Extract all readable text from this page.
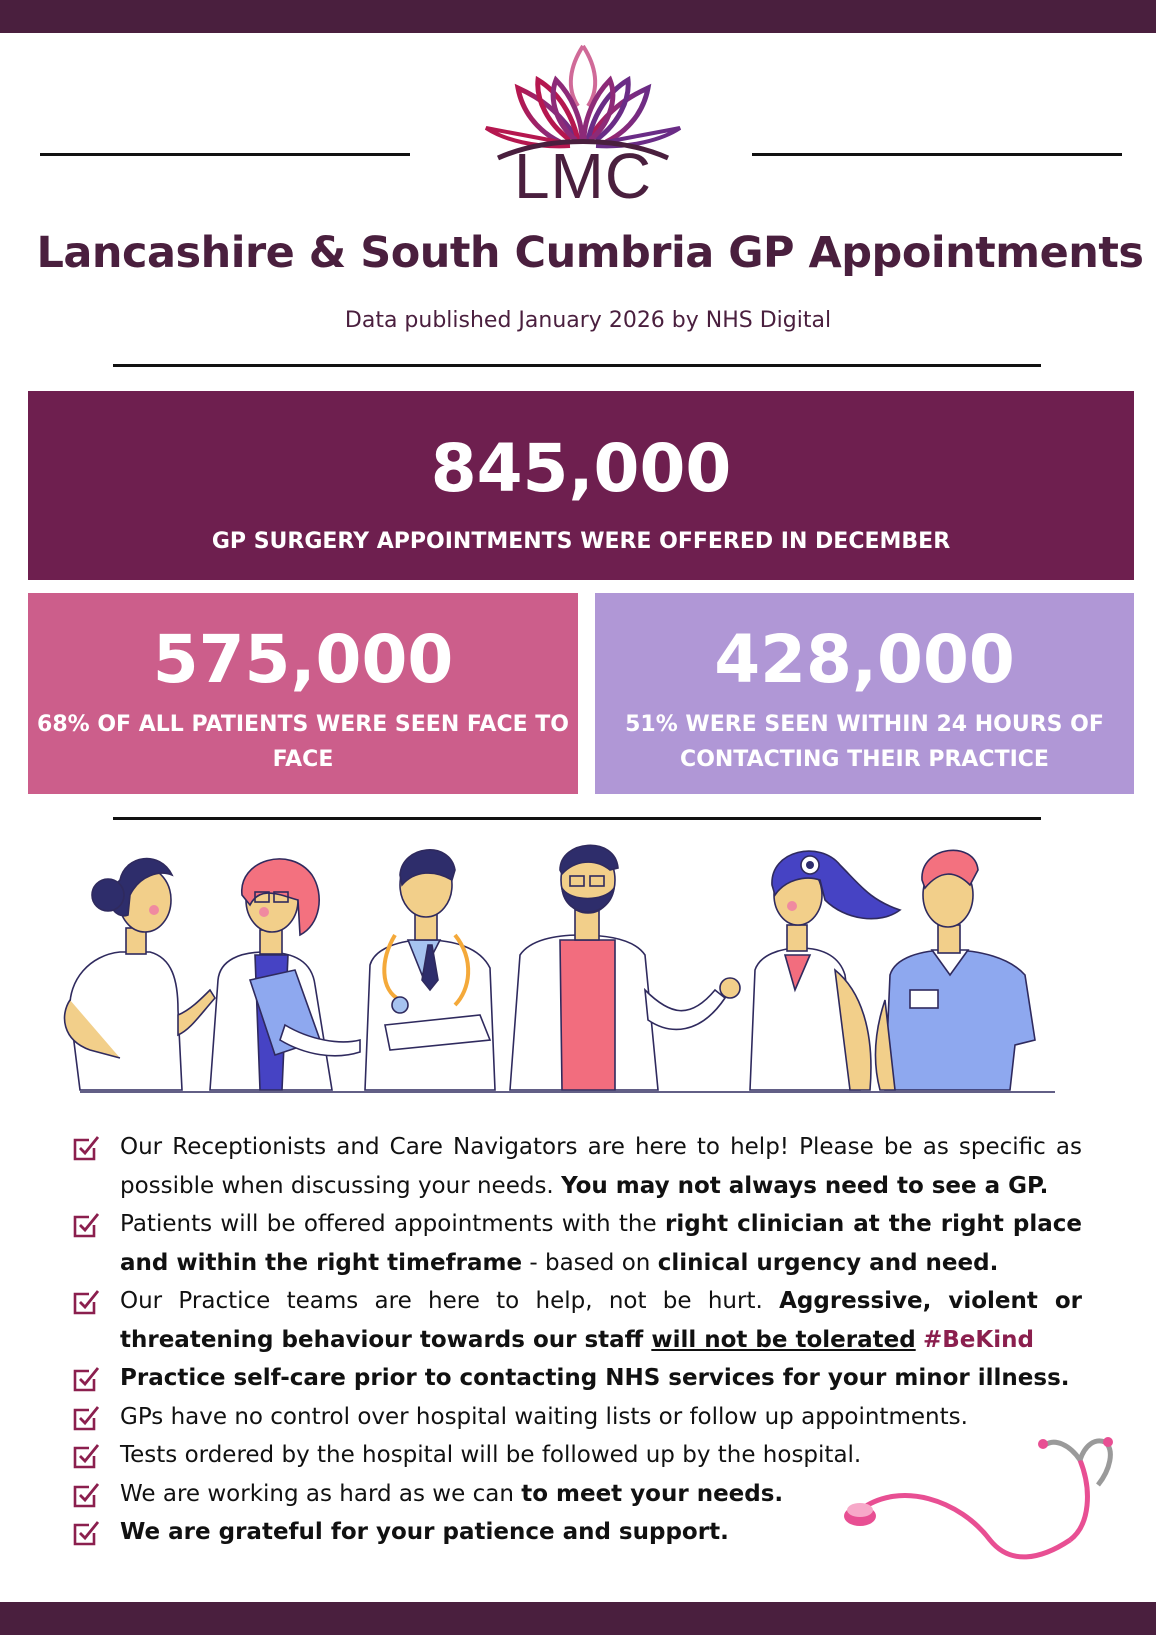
LMC
Lancashire & South Cumbria GP Appointments
Data published January 2026 by NHS Digital
845,000
GP SURGERY APPOINTMENTS WERE OFFERED IN DECEMBER
575,000
68% OF ALL PATIENTS WERE SEEN FACE TO FACE
428,000
51% WERE SEEN WITHIN 24 HOURS OF CONTACTING THEIR PRACTICE
Our Receptionists and Care Navigators are here to help! Please be as specific as possible when discussing your needs. You may not always need to see a GP.
Patients will be offered appointments with the right clinician at the right place and within the right timeframe - based on clinical urgency and need.
Our Practice teams are here to help, not be hurt. Aggressive, violent or threatening behaviour towards our staff will not be tolerated #BeKind
Practice self-care prior to contacting NHS services for your minor illness.
GPs have no control over hospital waiting lists or follow up appointments.
Tests ordered by the hospital will be followed up by the hospital.
We are working as hard as we can to meet your needs.
We are grateful for your patience and support.
